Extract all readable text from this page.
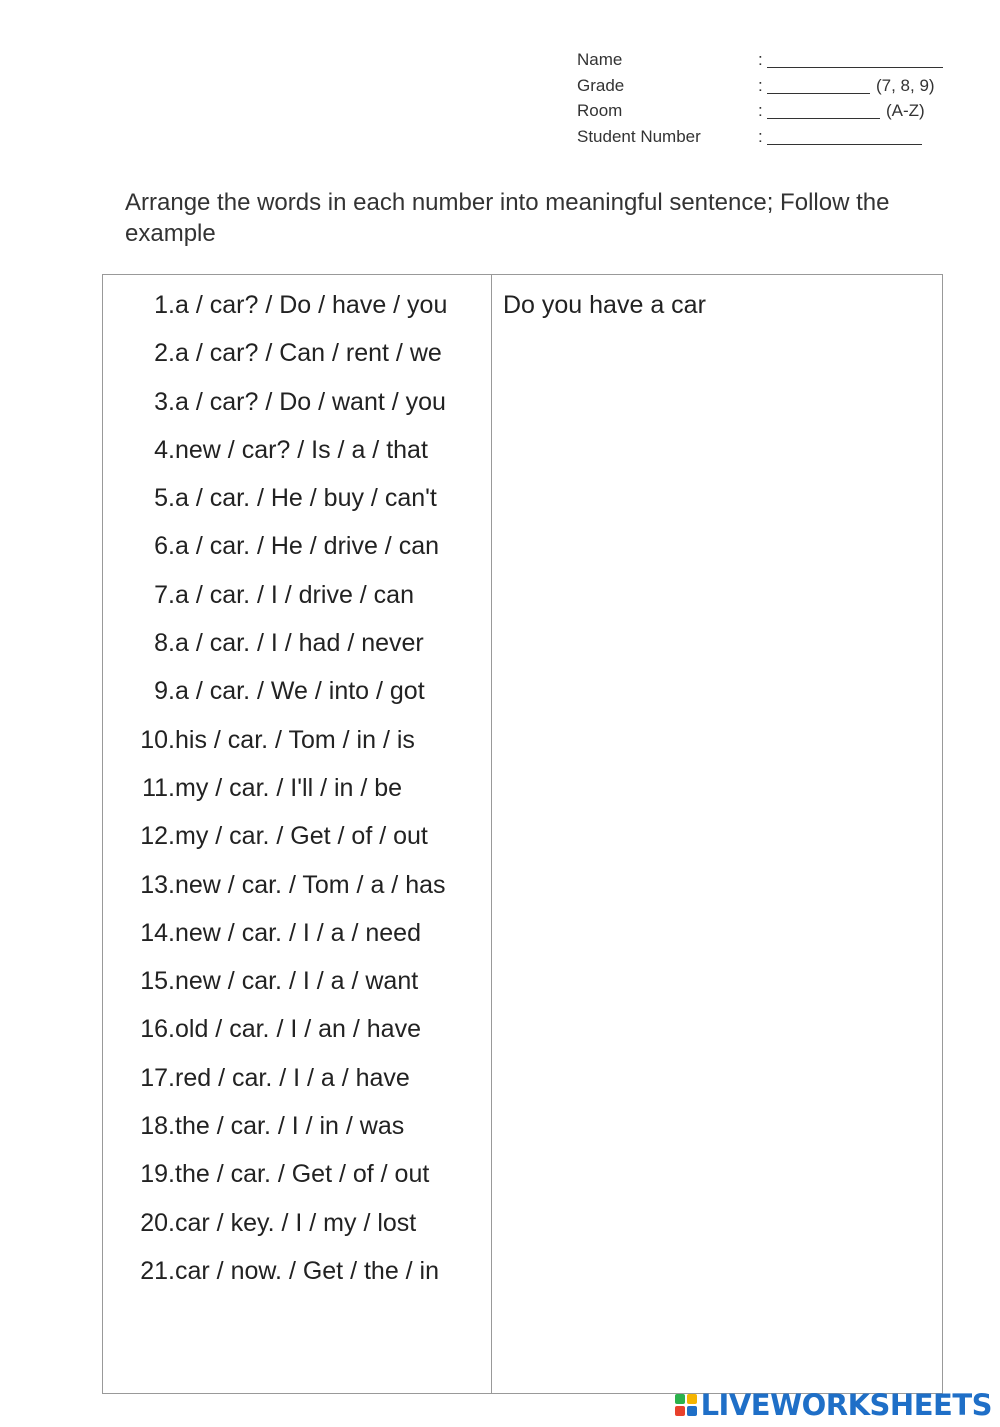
Name	:
Grade	:	(7, 8, 9)
Room	:	(A-Z)
Student Number	:
Arrange the words in each number into meaningful sentence; Follow the example
1. a / car? / Do / have / you
2. a / car? / Can / rent / we
3. a / car? / Do / want / you
4. new / car? / Is / a / that
5. a / car. / He / buy / can't
6. a / car. / He / drive / can
7. a / car. / I / drive / can
8. a / car. / I / had / never
9. a / car. / We / into / got
10. his / car. / Tom / in / is
11. my / car. / I'll / in / be
12. my / car. / Get / of / out
13. new / car. / Tom / a / has
14. new / car. / I / a / need
15. new / car. / I / a / want
16. old / car. / I / an / have
17. red / car. / I / a / have
18. the / car. / I / in / was
19. the / car. / Get / of / out
20. car / key. / I / my / lost
21. car / now. / Get / the / in
Do you have a car
LIVEWORKSHEETS
